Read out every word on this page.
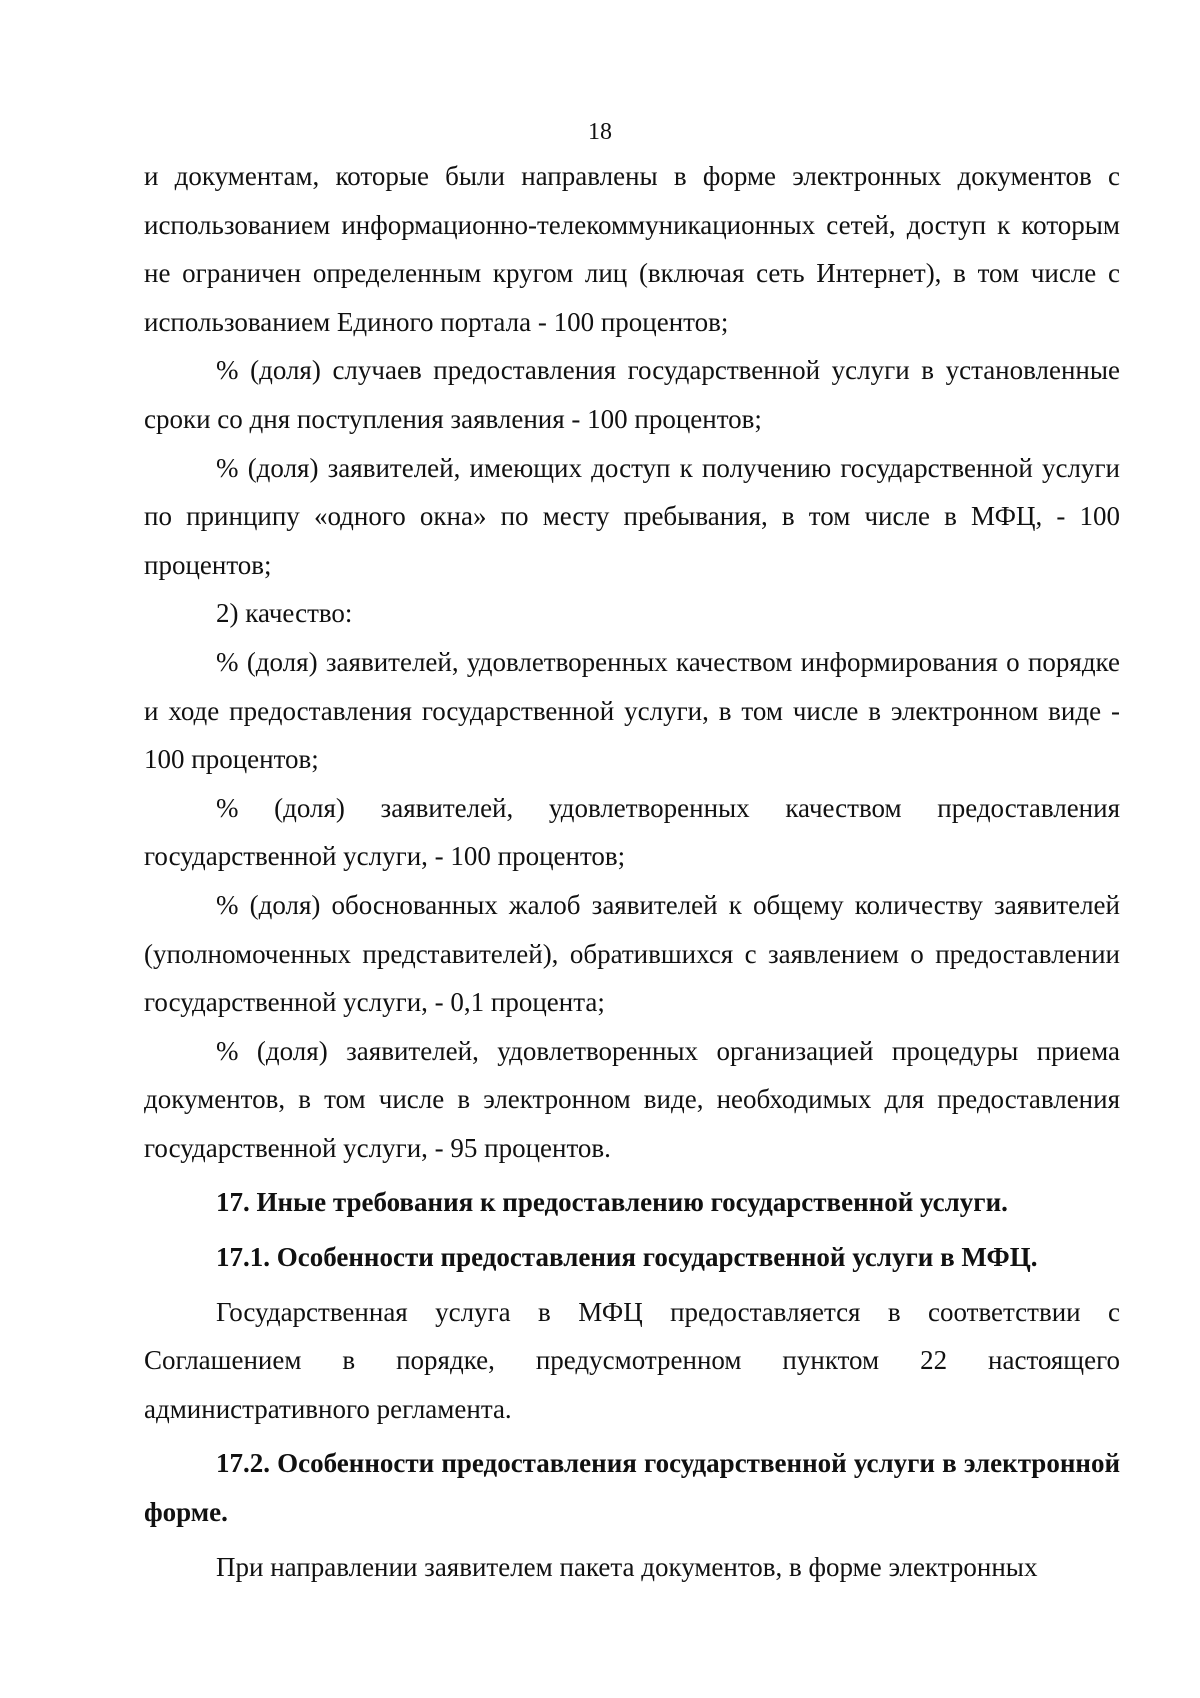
18

и документам, которые были направлены в форме электронных документов с использованием информационно-телекоммуникационных сетей, доступ к которым не ограничен определенным кругом лиц (включая сеть Интернет), в том числе с использованием Единого портала - 100 процентов;

% (доля) случаев предоставления государственной услуги в установленные сроки со дня поступления заявления - 100 процентов;

% (доля) заявителей, имеющих доступ к получению государственной услуги по принципу «одного окна» по месту пребывания, в том числе в МФЦ, - 100 процентов;

2) качество:

% (доля) заявителей, удовлетворенных качеством информирования о порядке и ходе предоставления государственной услуги, в том числе в электронном виде - 100 процентов;

% (доля) заявителей, удовлетворенных качеством предоставления государственной услуги, - 100 процентов;

% (доля) обоснованных жалоб заявителей к общему количеству заявителей (уполномоченных представителей), обратившихся с заявлением о предоставлении государственной услуги, - 0,1 процента;

% (доля) заявителей, удовлетворенных организацией процедуры приема документов, в том числе в электронном виде, необходимых для предоставления государственной услуги, - 95 процентов.

17. Иные требования к предоставлению государственной услуги.

17.1. Особенности предоставления государственной услуги в МФЦ.

Государственная услуга в МФЦ предоставляется в соответствии с Соглашением в порядке, предусмотренном пунктом 22 настоящего административного регламента.

17.2. Особенности предоставления государственной услуги в электронной форме.

При направлении заявителем пакета документов, в форме электронных
